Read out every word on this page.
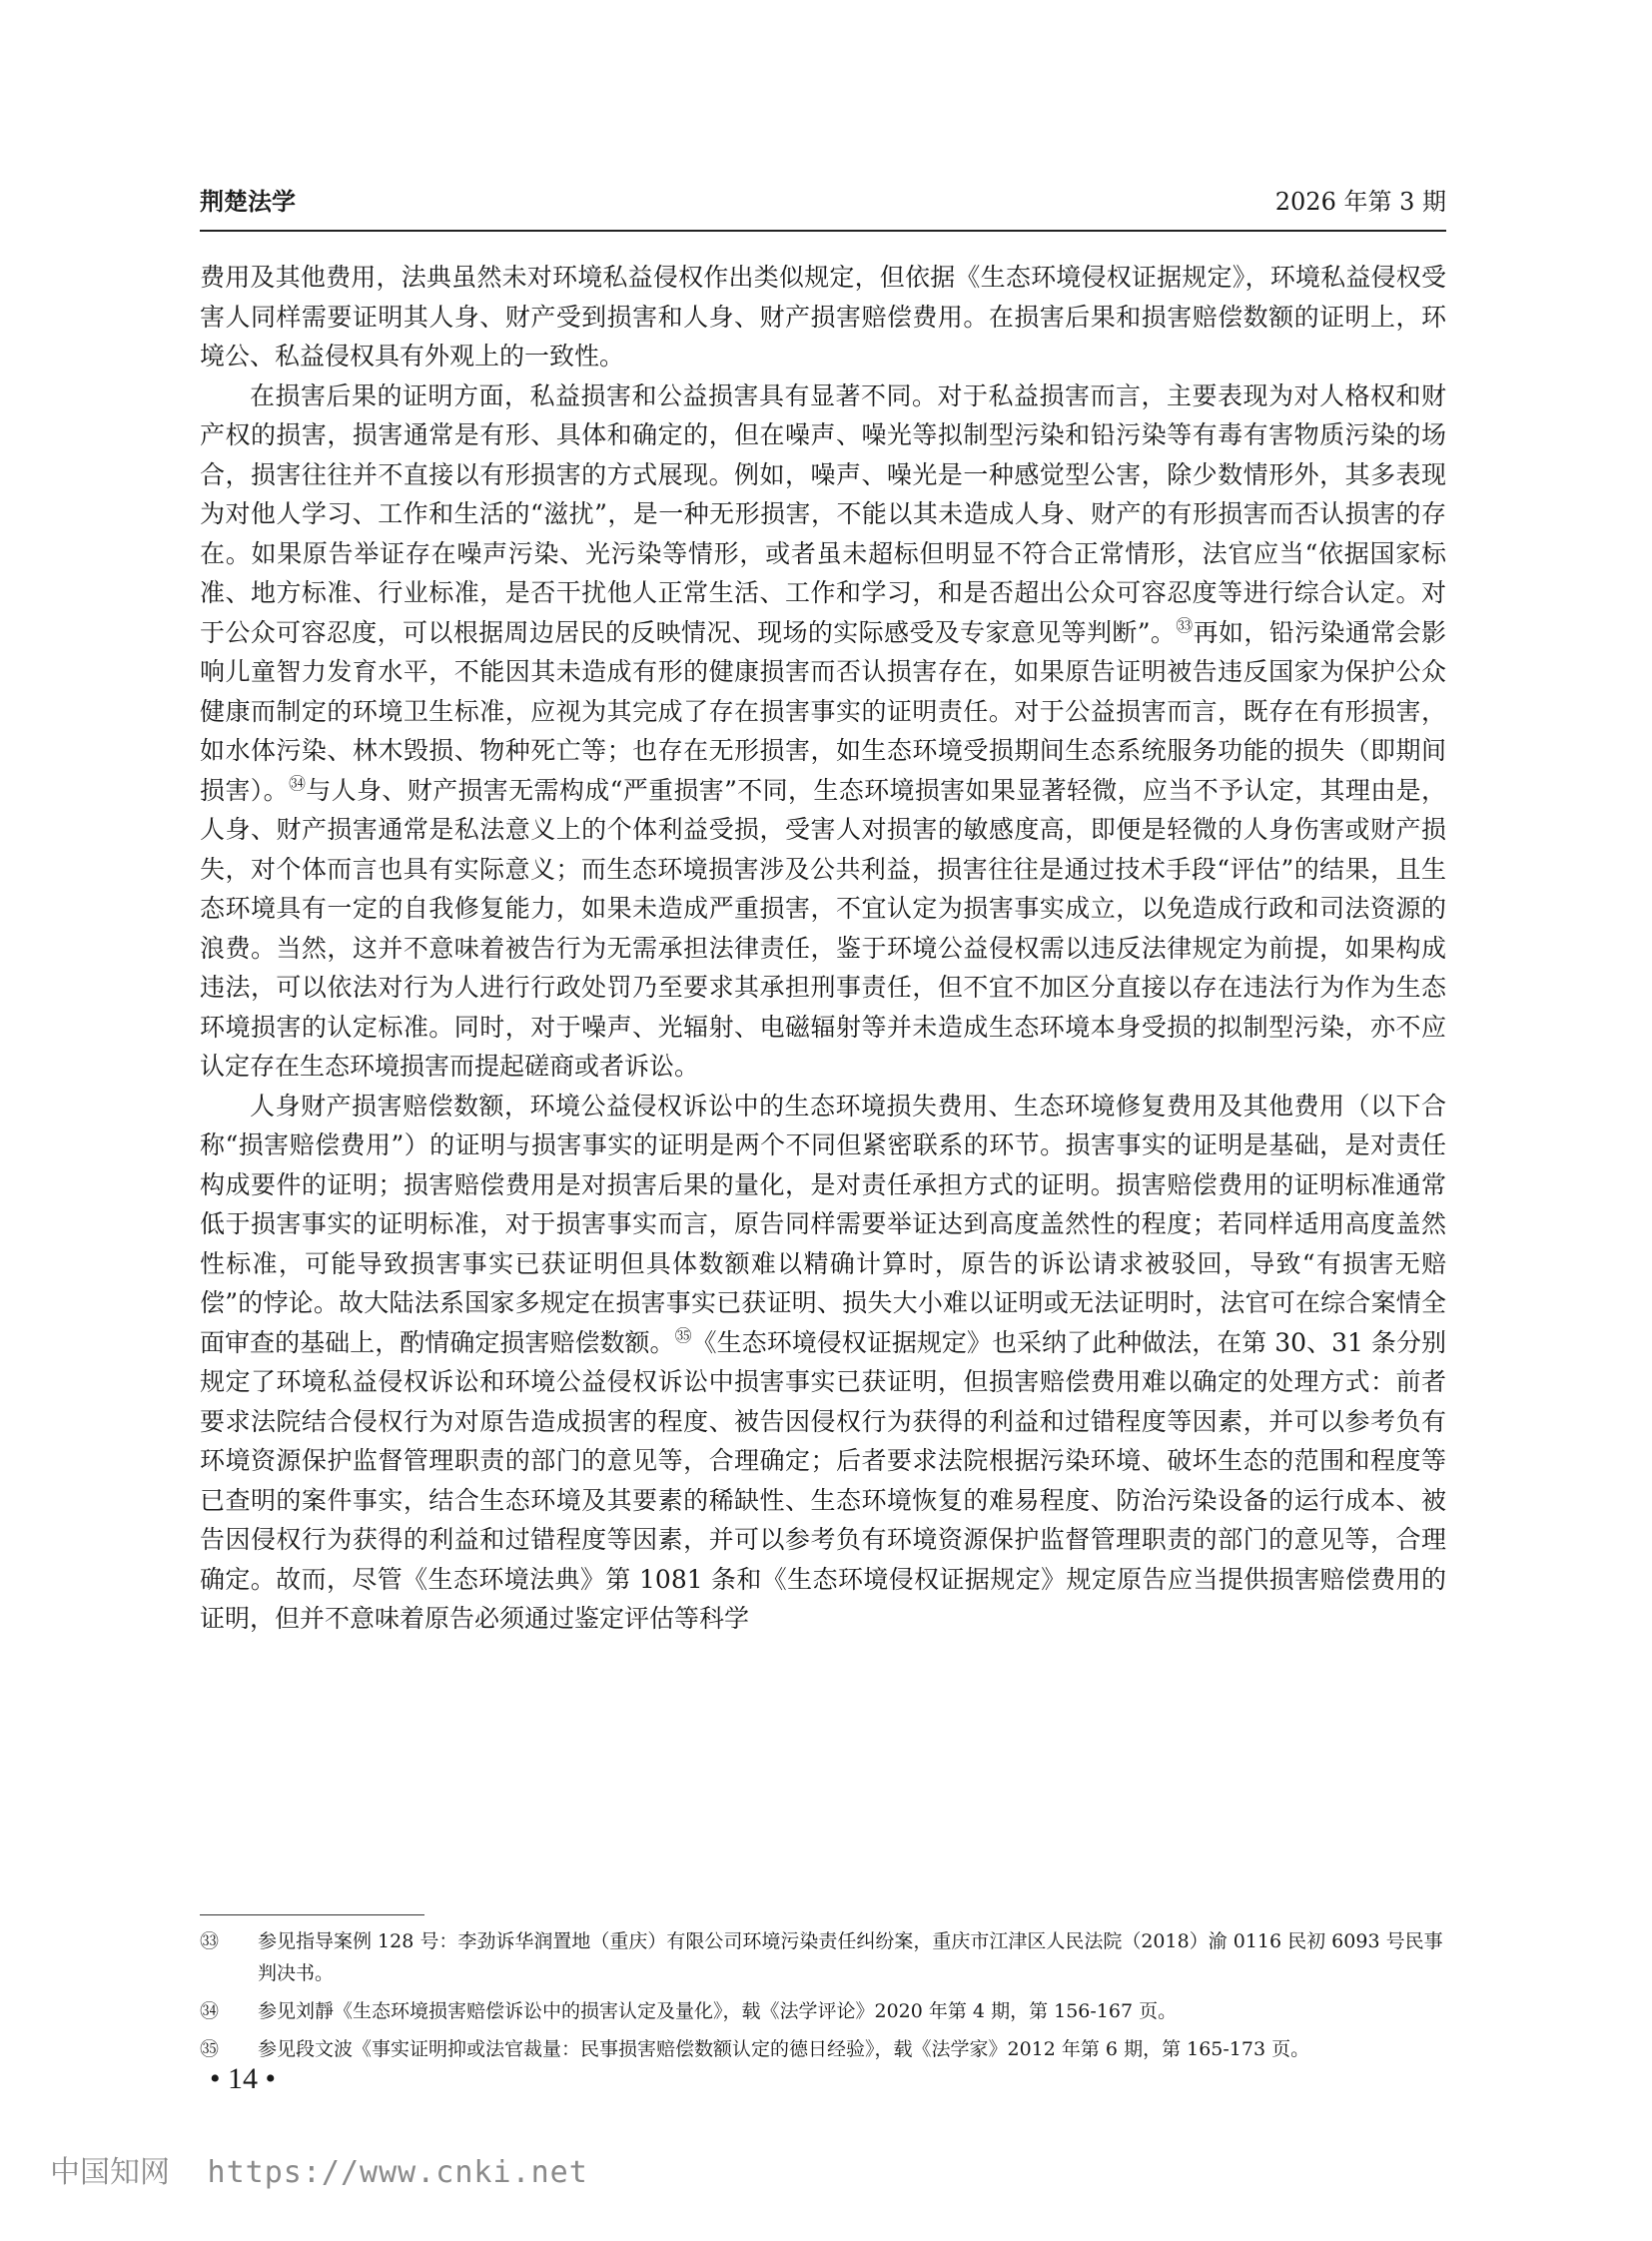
荆楚法学	2026 年第 3 期

费用及其他费用，法典虽然未对环境私益侵权作出类似规定，但依据《生态环境侵权证据规定》，环境私益侵权受害人同样需要证明其人身、财产受到损害和人身、财产损害赔偿费用。在损害后果和损害赔偿数额的证明上，环境公、私益侵权具有外观上的一致性。

在损害后果的证明方面，私益损害和公益损害具有显著不同。对于私益损害而言，主要表现为对人格权和财产权的损害，损害通常是有形、具体和确定的，但在噪声、噪光等拟制型污染和铅污染等有毒有害物质污染的场合，损害往往并不直接以有形损害的方式展现。例如，噪声、噪光是一种感觉型公害，除少数情形外，其多表现为对他人学习、工作和生活的“滋扰”，是一种无形损害，不能以其未造成人身、财产的有形损害而否认损害的存在。如果原告举证存在噪声污染、光污染等情形，或者虽未超标但明显不符合正常情形，法官应当“依据国家标准、地方标准、行业标准，是否干扰他人正常生活、工作和学习，和是否超出公众可容忍度等进行综合认定。对于公众可容忍度，可以根据周边居民的反映情况、现场的实际感受及专家意见等判断”。$^㉝$再如，铅污染通常会影响儿童智力发育水平，不能因其未造成有形的健康损害而否认损害存在，如果原告证明被告违反国家为保护公众健康而制定的环境卫生标准，应视为其完成了存在损害事实的证明责任。对于公益损害而言，既存在有形损害，如水体污染、林木毁损、物种死亡等；也存在无形损害，如生态环境受损期间生态系统服务功能的损失（即期间损害）。$^㉞$与人身、财产损害无需构成“严重损害”不同，生态环境损害如果显著轻微，应当不予认定，其理由是，人身、财产损害通常是私法意义上的个体利益受损，受害人对损害的敏感度高，即便是轻微的人身伤害或财产损失，对个体而言也具有实际意义；而生态环境损害涉及公共利益，损害往往是通过技术手段“评估”的结果，且生态环境具有一定的自我修复能力，如果未造成严重损害，不宜认定为损害事实成立，以免造成行政和司法资源的浪费。当然，这并不意味着被告行为无需承担法律责任，鉴于环境公益侵权需以违反法律规定为前提，如果构成违法，可以依法对行为人进行行政处罚乃至要求其承担刑事责任，但不宜不加区分直接以存在违法行为作为生态环境损害的认定标准。同时，对于噪声、光辐射、电磁辐射等并未造成生态环境本身受损的拟制型污染，亦不应认定存在生态环境损害而提起磋商或者诉讼。

人身财产损害赔偿数额，环境公益侵权诉讼中的生态环境损失费用、生态环境修复费用及其他费用（以下合称“损害赔偿费用”）的证明与损害事实的证明是两个不同但紧密联系的环节。损害事实的证明是基础，是对责任构成要件的证明；损害赔偿费用是对损害后果的量化，是对责任承担方式的证明。损害赔偿费用的证明标准通常低于损害事实的证明标准，对于损害事实而言，原告同样需要举证达到高度盖然性的程度；若同样适用高度盖然性标准，可能导致损害事实已获证明但具体数额难以精确计算时，原告的诉讼请求被驳回，导致“有损害无赔偿”的悖论。故大陆法系国家多规定在损害事实已获证明、损失大小难以证明或无法证明时，法官可在综合案情全面审查的基础上，酌情确定损害赔偿数额。$^㉟$《生态环境侵权证据规定》也采纳了此种做法，在第 30、31 条分别规定了环境私益侵权诉讼和环境公益侵权诉讼中损害事实已获证明，但损害赔偿费用难以确定的处理方式：前者要求法院结合侵权行为对原告造成损害的程度、被告因侵权行为获得的利益和过错程度等因素，并可以参考负有环境资源保护监督管理职责的部门的意见等，合理确定；后者要求法院根据污染环境、破坏生态的范围和程度等已查明的案件事实，结合生态环境及其要素的稀缺性、生态环境恢复的难易程度、防治污染设备的运行成本、被告因侵权行为获得的利益和过错程度等因素，并可以参考负有环境资源保护监督管理职责的部门的意见等，合理确定。故而，尽管《生态环境法典》第 1081 条和《生态环境侵权证据规定》规定原告应当提供损害赔偿费用的证明，但并不意味着原告必须通过鉴定评估等科学

㉝ 参见指导案例 128 号：李劲诉华润置地（重庆）有限公司环境污染责任纠纷案，重庆市江津区人民法院（2018）渝 0116 民初 6093 号民事判决书。
㉞ 参见刘靜《生态环境损害赔偿诉讼中的损害认定及量化》，载《法学评论》2020 年第 4 期，第 156-167 页。
㉟ 参见段文波《事实证明抑或法官裁量：民事损害赔偿数额认定的德日经验》，载《法学家》2012 年第 6 期，第 165-173 页。
• 14 •
中国知网 https://www.cnki.net
